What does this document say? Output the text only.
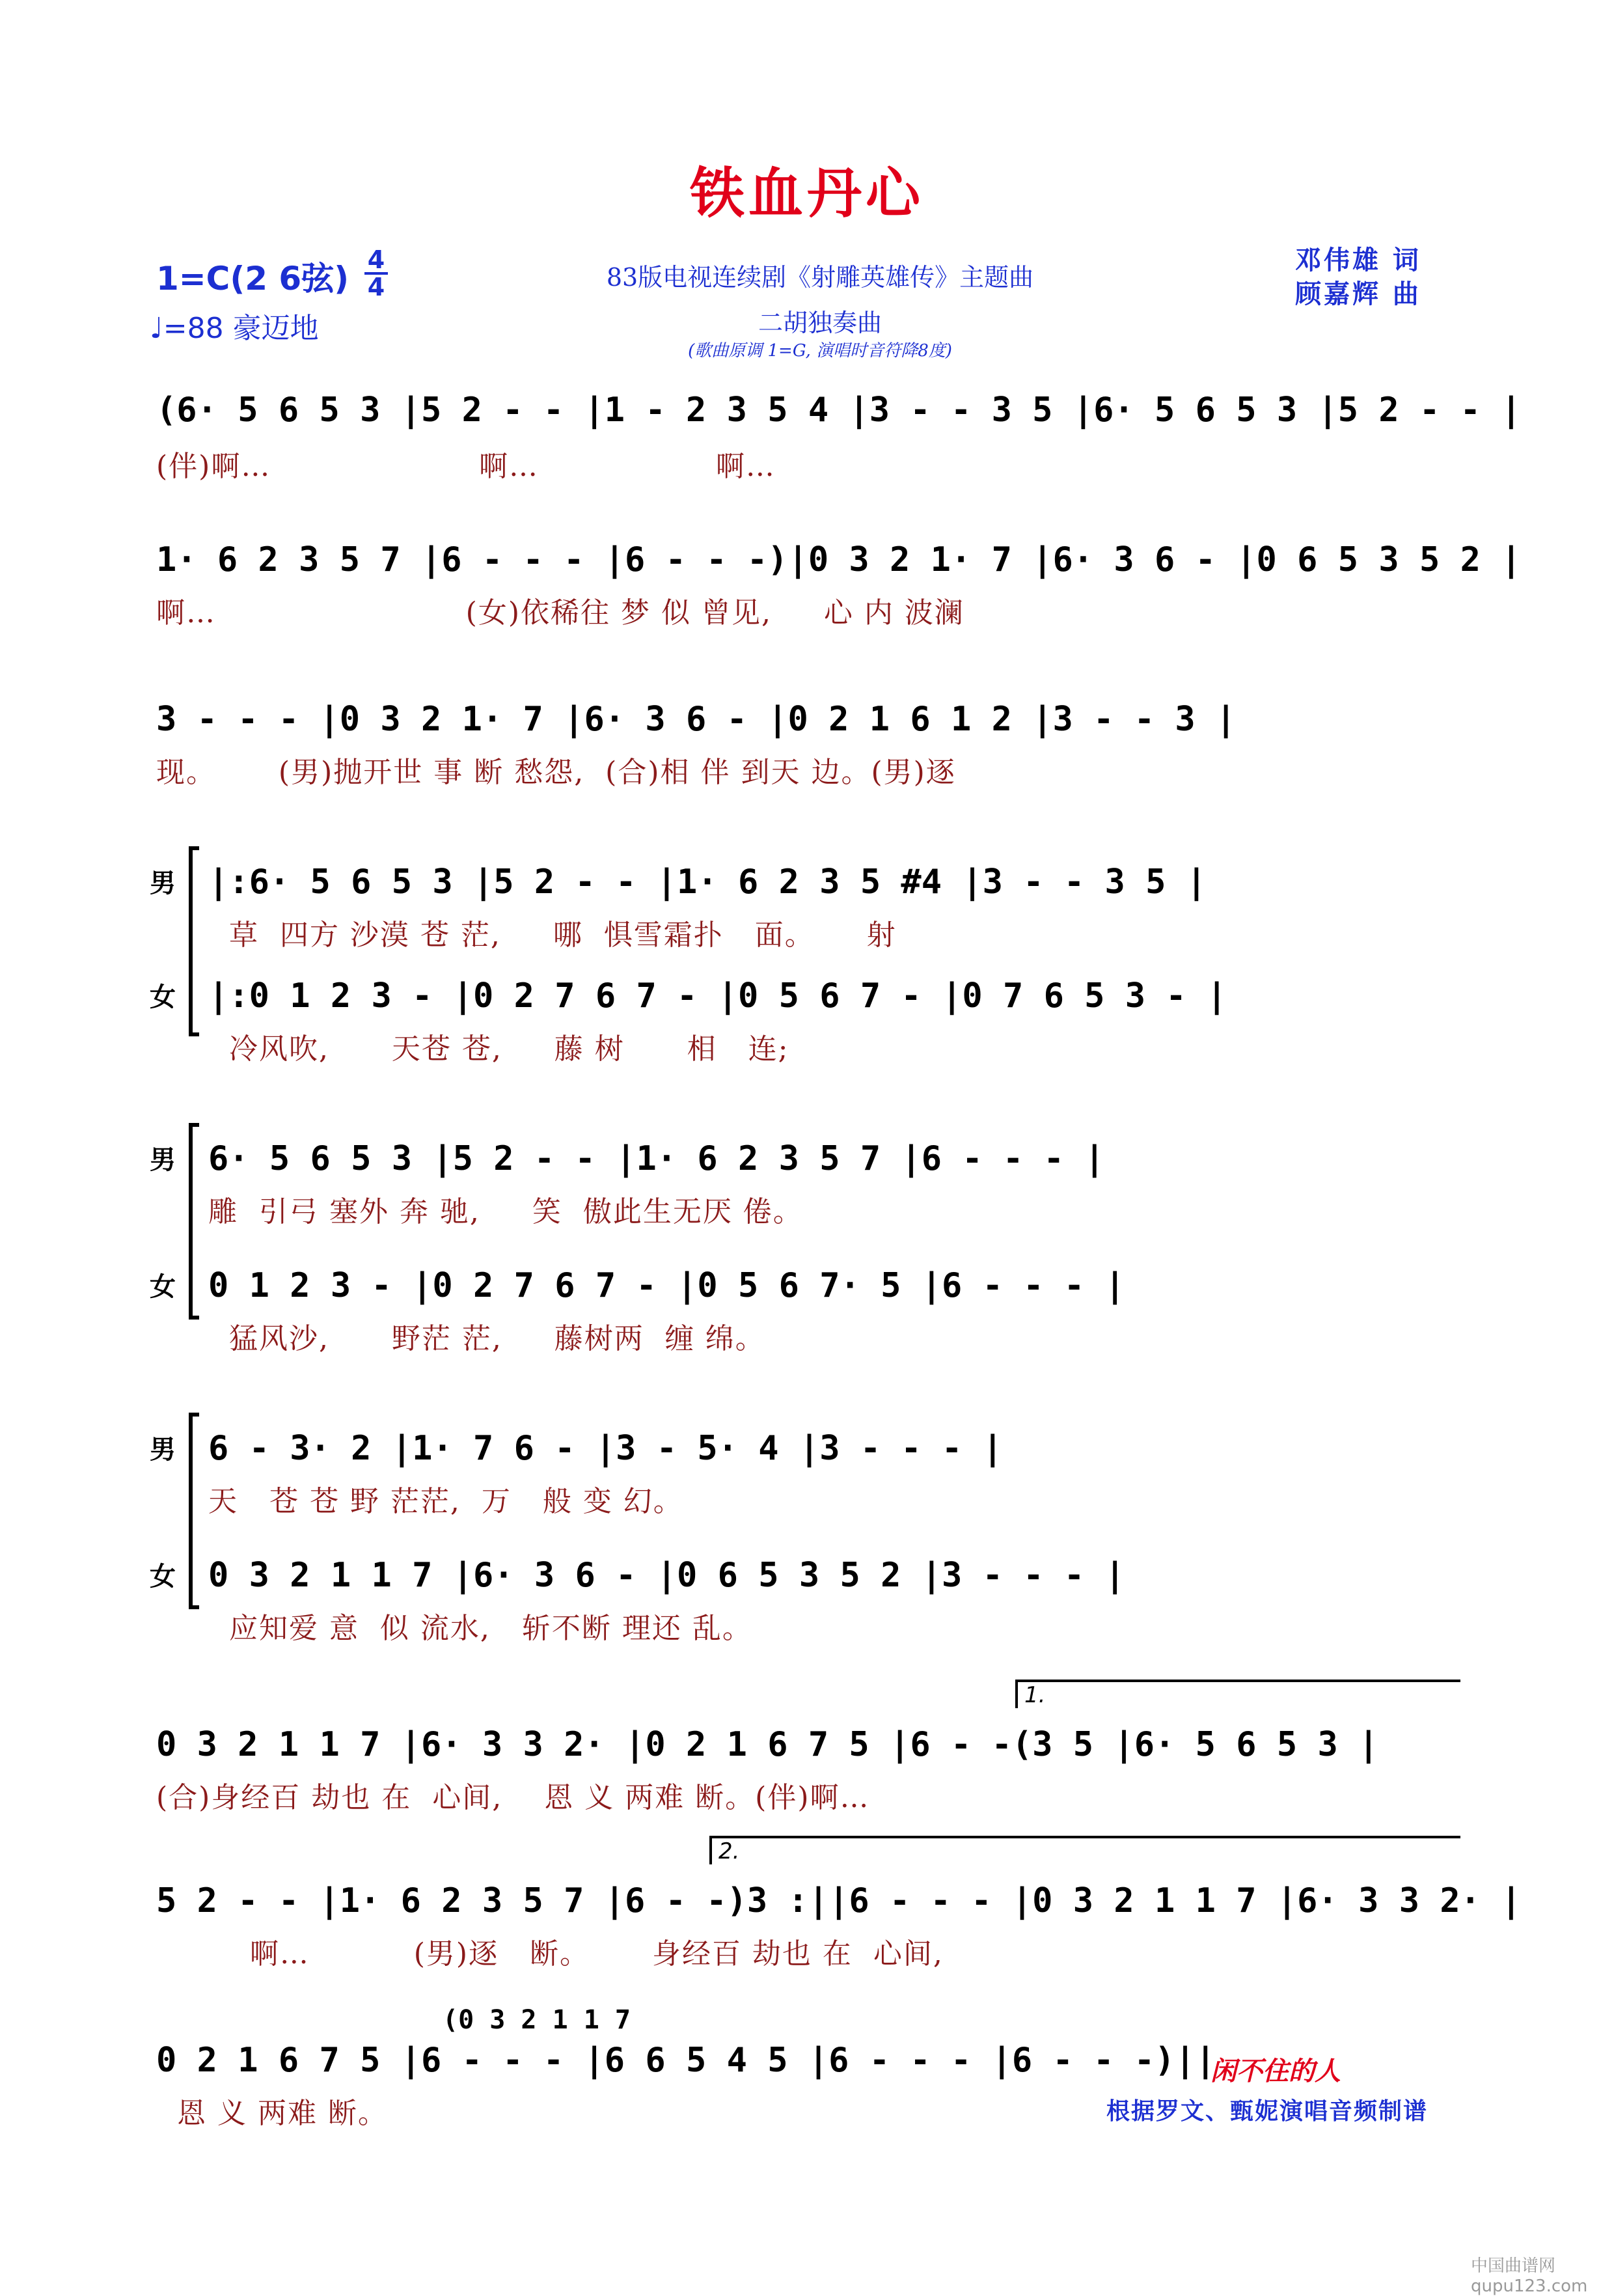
铁血丹心
1=C(2 6弦) 4
4
♩=88 豪迈地
83版电视连续剧《射雕英雄传》主题曲
二胡独奏曲
(歌曲原调 1=G, 演唱时音符降8度)
邓伟雄 词
顾嘉辉 曲
(6· 5 6 5 3 |5 2 - - |1 - 2 3 5 4 |3 - - 3 5 |6· 5 6 5 3 |5 2 - - |
(伴)啊…                    啊…                 啊…
1· 6 2 3 5 7 |6 - - - |6 - - -)|0 3 2 1· 7 |6· 3 6 - |0 6 5 3 5 2 |
啊…                        (女)依稀往 梦 似 曾见,     心 内 波澜
3 - - - |0 3 2 1· 7 |6· 3 6 - |0 2 1 6 1 2 |3 - - 3 |
现。      (男)抛开世 事 断 愁怨,  (合)相 伴 到天 边。(男)逐
男 |:6· 5 6 5 3 |5 2 - - |1· 6 2 3 5 #4 |3 - - 3 5 |
草  四方 沙漠 苍 茫,     哪  惧雪霜扑   面。     射
女 |:0 1 2 3 - |0 2 7 6 7 - |0 5 6 7 - |0 7 6 5 3 - |
冷风吹,      天苍 苍,     藤 树      相   连;
男 6· 5 6 5 3 |5 2 - - |1· 6 2 3 5 7 |6 - - - |
雕  引弓 塞外 奔 驰,     笑  傲此生无厌 倦。
女 0 1 2 3 - |0 2 7 6 7 - |0 5 6 7· 5 |6 - - - |
猛风沙,      野茫 茫,     藤树两  缠 绵。
男 6 - 3· 2 |1· 7 6 - |3 - 5· 4 |3 - - - |
天   苍 苍 野 茫茫,  万   般 变 幻。
女 0 3 2 1 1 7 |6· 3 6 - |0 6 5 3 5 2 |3 - - - |
应知爱 意  似 流水,   斩不断 理还 乱。
1.
0 3 2 1 1 7 |6· 3 3 2· |0 2 1 6 7 5 |6 - -(3 5 |6· 5 6 5 3 |
(合)身经百 劫也 在  心间,    恩 义 两难 断。(伴)啊…
2.
5 2 - - |1· 6 2 3 5 7 |6 - -)3 :||6 - - - |0 3 2 1 1 7 |6· 3 3 2· |
啊…          (男)逐   断。      身经百 劫也 在  心间,
(0 3 2 1 1 7
0 2 1 6 7 5 |6 - - - |6 6 5 4 5 |6 - - - |6 - - -)||
恩 义 两难 断。
闲不住的人
根据罗文、甄妮演唱音频制谱
中国曲谱网 qupu123.com
